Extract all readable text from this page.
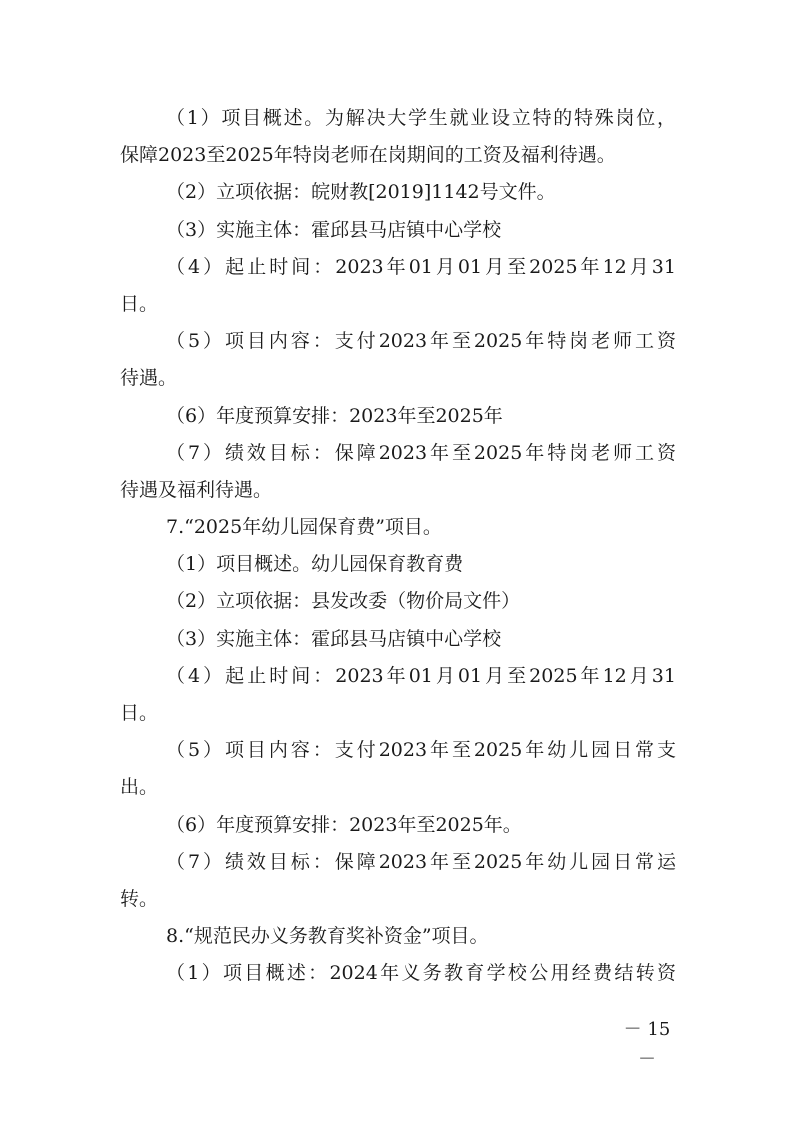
（1）项目概述。为解决大学生就业设立特的特殊岗位，
保障2023至2025年特岗老师在岗期间的工资及福利待遇。
（2）立项依据：皖财教[2019]1142号文件。
（3）实施主体：霍邱县马店镇中心学校
（4）起止时间：2023年01月01月至2025年12月31
日。
（5）项目内容：支付2023年至2025年特岗老师工资
待遇。
（6）年度预算安排：2023年至2025年
（7）绩效目标：保障2023年至2025年特岗老师工资
待遇及福利待遇。
7.“2025年幼儿园保育费”项目。
（1）项目概述。幼儿园保育教育费
（2）立项依据：县发改委（物价局文件）
（3）实施主体：霍邱县马店镇中心学校
（4）起止时间：2023年01月01月至2025年12月31
日。
（5）项目内容：支付2023年至2025年幼儿园日常支
出。
（6）年度预算安排：2023年至2025年。
（7）绩效目标：保障2023年至2025年幼儿园日常运
转。
8.“规范民办义务教育奖补资金”项目。
（1）项目概述：2024年义务教育学校公用经费结转资
－ 15 －
